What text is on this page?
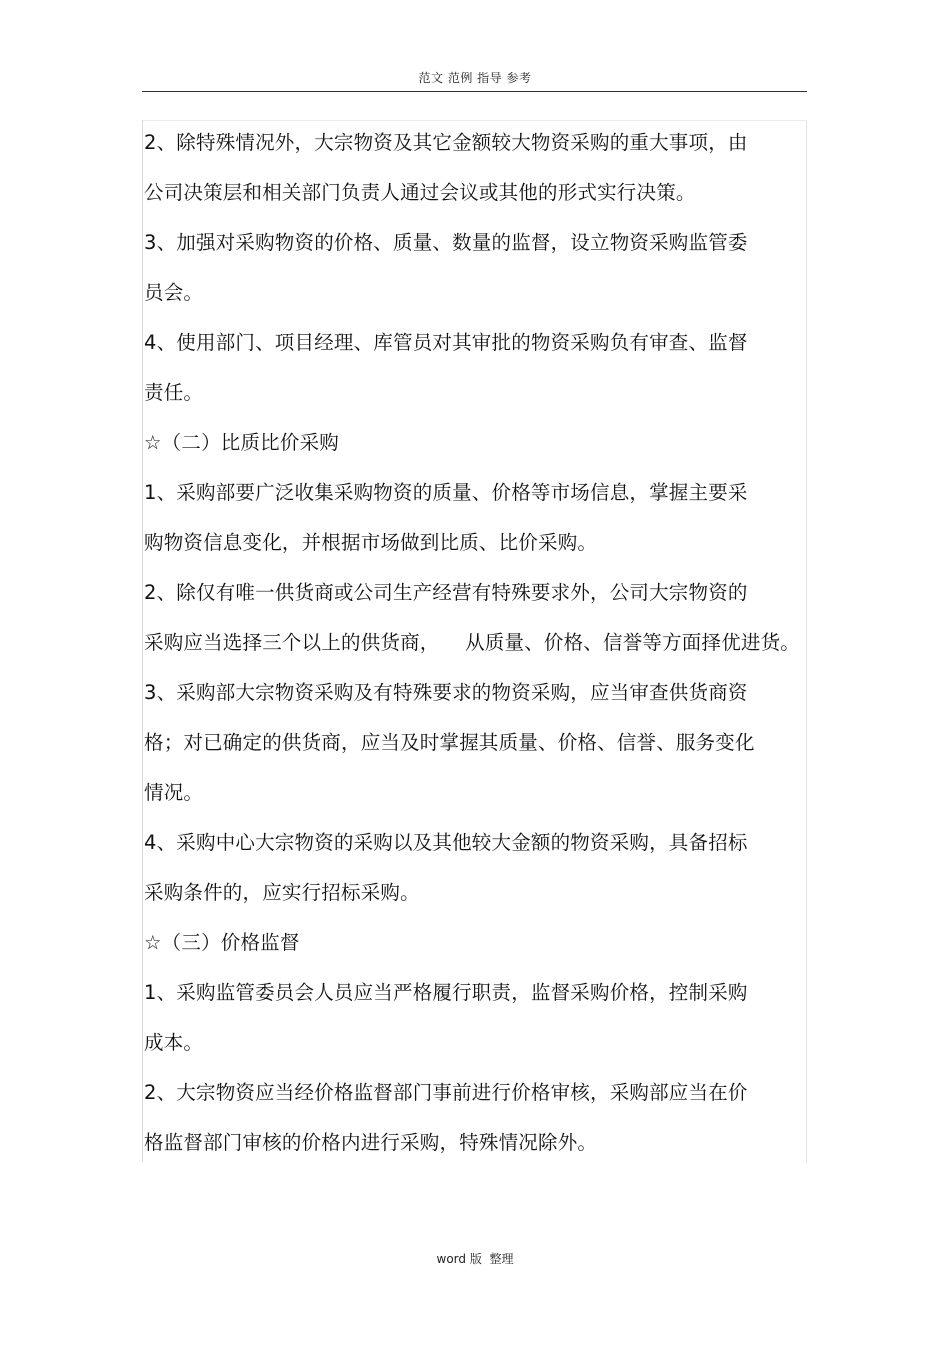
范文 范例 指导 参考
2、除特殊情况外，大宗物资及其它金额较大物资采购的重大事项，由
公司决策层和相关部门负责人通过会议或其他的形式实行决策。
3、加强对采购物资的价格、质量、数量的监督，设立物资采购监管委
员会。
4、使用部门、项目经理、库管员对其审批的物资采购负有审查、监督
责任。
☆（二）比质比价采购
1、采购部要广泛收集采购物资的质量、价格等市场信息，掌握主要采
购物资信息变化，并根据市场做到比质、比价采购。
2、除仅有唯一供货商或公司生产经营有特殊要求外，公司大宗物资的
采购应当选择三个以上的供货商，    从质量、价格、信誉等方面择优进货。
3、采购部大宗物资采购及有特殊要求的物资采购，应当审查供货商资
格；对已确定的供货商，应当及时掌握其质量、价格、信誉、服务变化
情况。
4、采购中心大宗物资的采购以及其他较大金额的物资采购，具备招标
采购条件的，应实行招标采购。
☆（三）价格监督
1、采购监管委员会人员应当严格履行职责，监督采购价格，控制采购
成本。
2、大宗物资应当经价格监督部门事前进行价格审核，采购部应当在价
格监督部门审核的价格内进行采购，特殊情况除外。
word 版  整理
